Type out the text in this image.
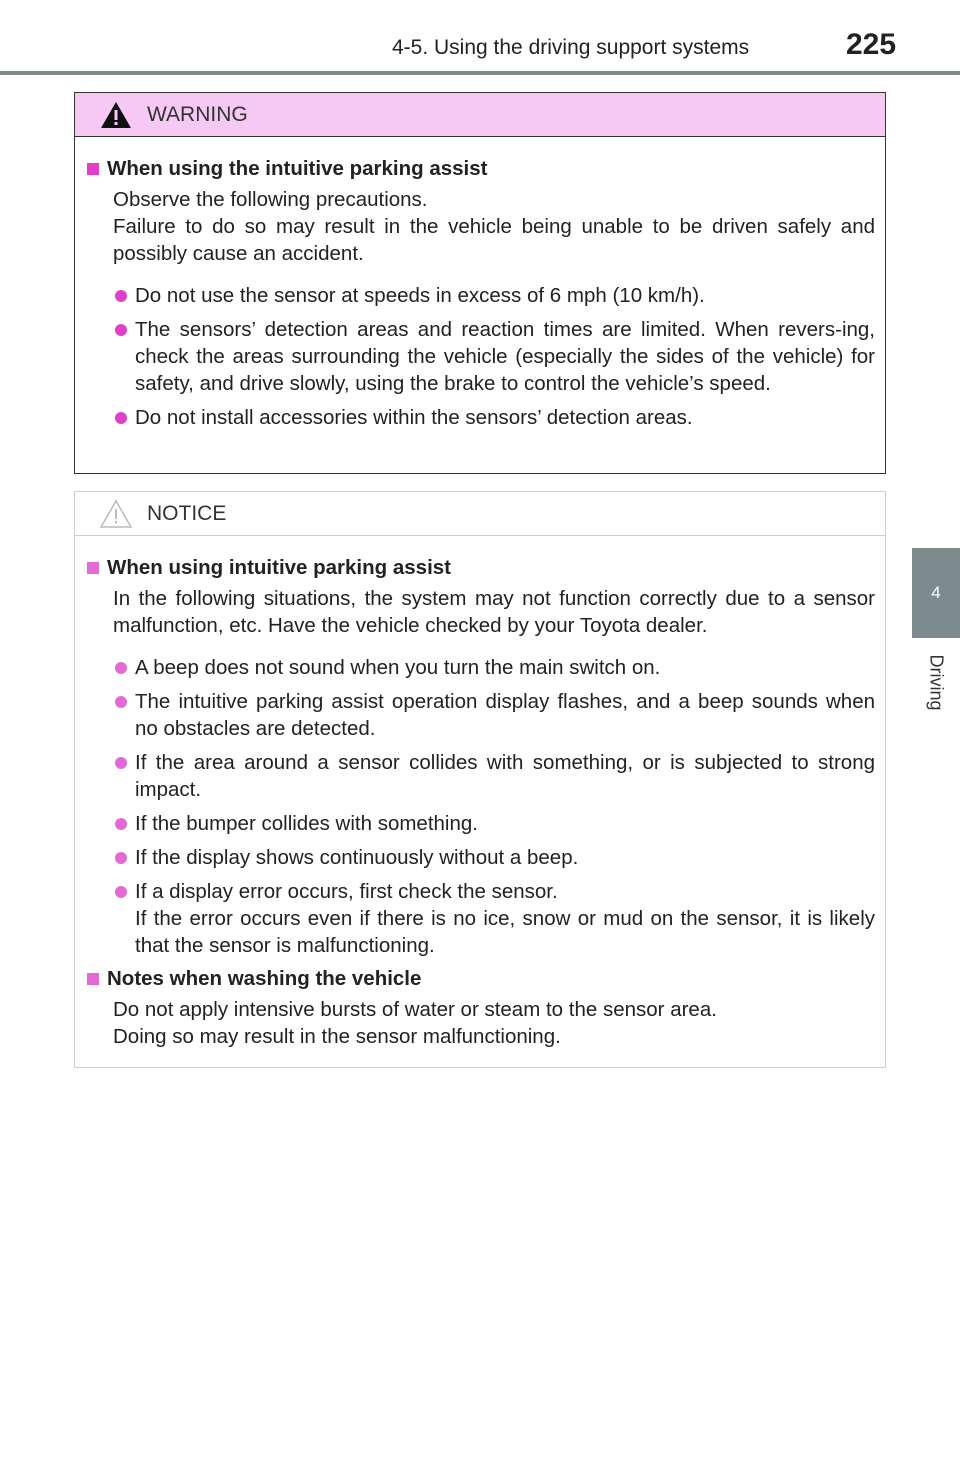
4-5. Using the driving support systems	225
4
Driving
WARNING
When using the intuitive parking assist
Observe the following precautions.
Failure to do so may result in the vehicle being unable to be driven safely and possibly cause an accident.
Do not use the sensor at speeds in excess of 6 mph (10 km/h).
The sensors’ detection areas and reaction times are limited. When revers-ing, check the areas surrounding the vehicle (especially the sides of the vehicle) for safety, and drive slowly, using the brake to control the vehicle’s speed.
Do not install accessories within the sensors’ detection areas.
NOTICE
When using intuitive parking assist
In the following situations, the system may not function correctly due to a sensor malfunction, etc. Have the vehicle checked by your Toyota dealer.
A beep does not sound when you turn the main switch on.
The intuitive parking assist operation display flashes, and a beep sounds when no obstacles are detected.
If the area around a sensor collides with something, or is subjected to strong impact.
If the bumper collides with something.
If the display shows continuously without a beep.
If a display error occurs, first check the sensor.
If the error occurs even if there is no ice, snow or mud on the sensor, it is likely that the sensor is malfunctioning.
Notes when washing the vehicle
Do not apply intensive bursts of water or steam to the sensor area.
Doing so may result in the sensor malfunctioning.
